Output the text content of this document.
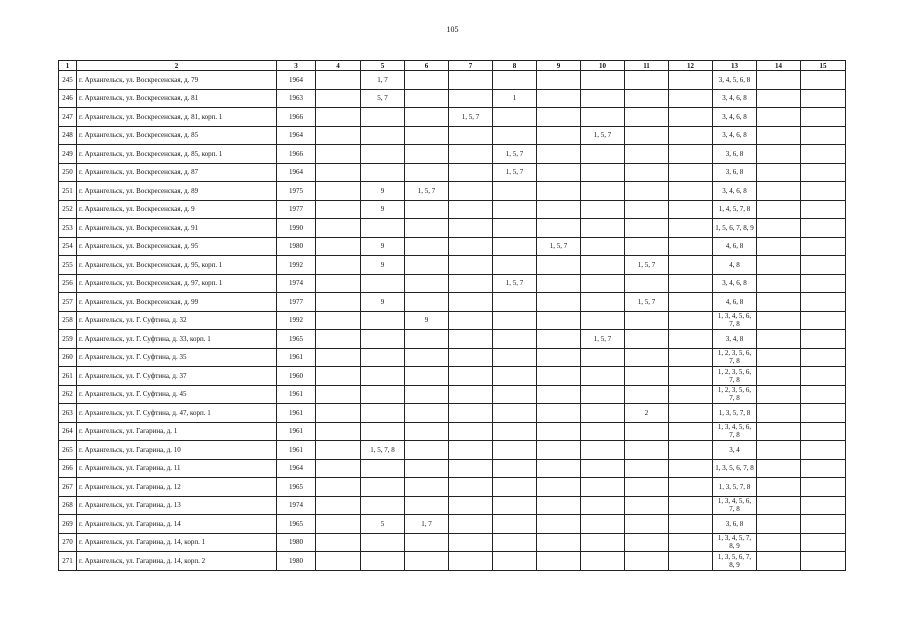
105
1	2	3	4	5	6	7	8	9	10	11	12	13	14	15
245	г. Архангельск, ул. Воскресенская, д. 79	1964		1, 7								3, 4, 5, 6, 8		
246	г. Архангельск, ул. Воскресенская, д. 81	1963		5, 7			1					3, 4, 6, 8		
247	г. Архангельск, ул. Воскресенская, д. 81, корп. 1	1966				1, 5, 7						3, 4, 6, 8		
248	г. Архангельск, ул. Воскресенская, д. 85	1964							1, 5, 7			3, 4, 6, 8		
249	г. Архангельск, ул. Воскресенская, д. 85, корп. 1	1966					1, 5, 7					3, 6, 8		
250	г. Архангельск, ул. Воскресенская, д. 87	1964					1, 5, 7					3, 6, 8		
251	г. Архангельск, ул. Воскресенская, д. 89	1975		9	1, 5, 7							3, 4, 6, 8		
252	г. Архангельск, ул. Воскресенская, д. 9	1977		9								1, 4, 5, 7, 8		
253	г. Архангельск, ул. Воскресенская, д. 91	1990										1, 5, 6, 7, 8, 9		
254	г. Архангельск, ул. Воскресенская, д. 95	1980		9				1, 5, 7				4, 6, 8		
255	г. Архангельск, ул. Воскресенская, д. 95, корп. 1	1992		9						1, 5, 7		4, 8		
256	г. Архангельск, ул. Воскресенская, д. 97, корп. 1	1974					1, 5, 7					3, 4, 6, 8		
257	г. Архангельск, ул. Воскресенская, д. 99	1977		9						1, 5, 7		4, 6, 8		
258	г. Архангельск, ул. Г. Суфтина, д. 32	1992			9							1, 3, 4, 5, 6, 7, 8		
259	г. Архангельск, ул. Г. Суфтина, д. 33, корп. 1	1965							1, 5, 7			3, 4, 8		
260	г. Архангельск, ул. Г. Суфтина, д. 35	1961										1, 2, 3, 5, 6, 7, 8		
261	г. Архангельск, ул. Г. Суфтина, д. 37	1960										1, 2, 3, 5, 6, 7, 8		
262	г. Архангельск, ул. Г. Суфтина, д. 45	1961										1, 2, 3, 5, 6, 7, 8		
263	г. Архангельск, ул. Г. Суфтина, д. 47, корп. 1	1961								2		1, 3, 5, 7, 8		
264	г. Архангельск, ул. Гагарина, д. 1	1961										1, 3, 4, 5, 6, 7, 8		
265	г. Архангельск, ул. Гагарина, д. 10	1961		1, 5, 7, 8								3, 4		
266	г. Архангельск, ул. Гагарина, д. 11	1964										1, 3, 5, 6, 7, 8		
267	г. Архангельск, ул. Гагарина, д. 12	1965										1, 3, 5, 7, 8		
268	г. Архангельск, ул. Гагарина, д. 13	1974										1, 3, 4, 5, 6, 7, 8		
269	г. Архангельск, ул. Гагарина, д. 14	1965		5	1, 7							3, 6, 8		
270	г. Архангельск, ул. Гагарина, д. 14, корп. 1	1980										1, 3, 4, 5, 7, 8, 9		
271	г. Архангельск, ул. Гагарина, д. 14, корп. 2	1980										1, 3, 5, 6, 7, 8, 9		
